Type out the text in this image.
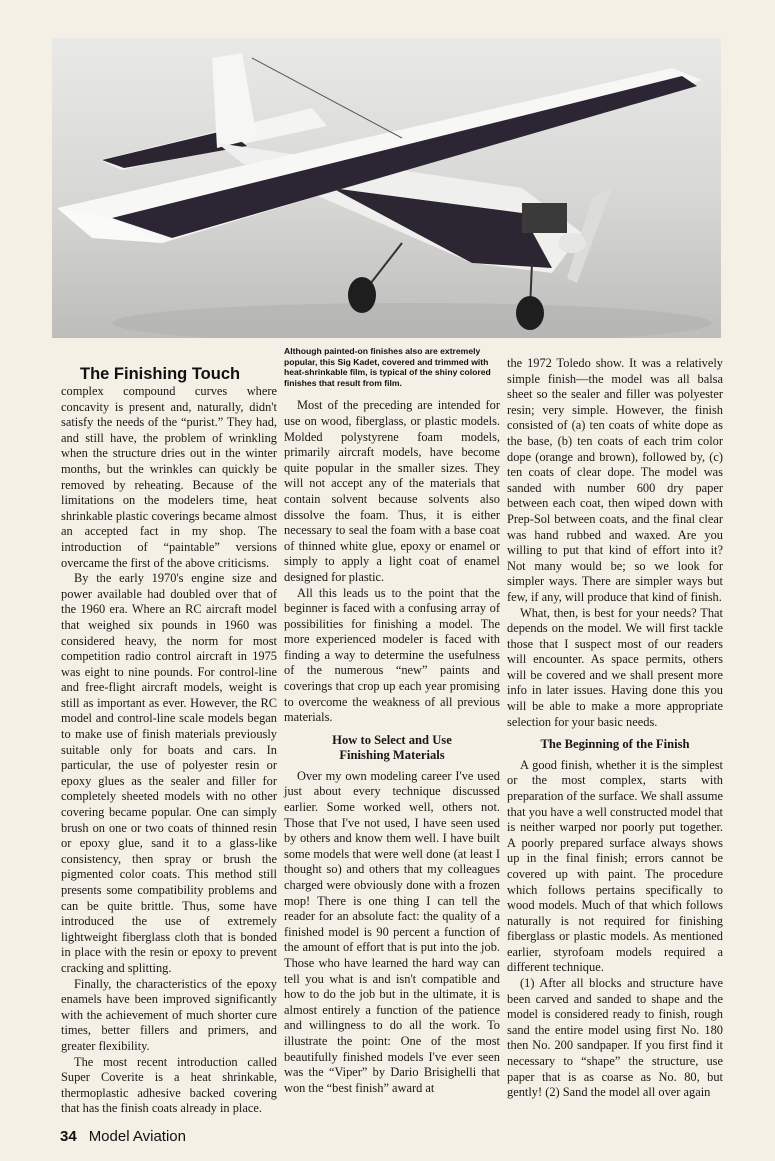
The Finishing Touch

complex compound curves where concavity is present and, naturally, didn't satisfy the needs of the “purist.” They had, and still have, the problem of wrinkling when the structure dries out in the winter months, but the wrinkles can quickly be removed by reheating. Because of the limitations on the modelers time, heat shrinkable plastic coverings became almost an accepted fact in my shop. The introduction of “paintable” versions overcame the first of the above criticisms.

By the early 1970's engine size and power available had doubled over that of the 1960 era. Where an RC aircraft model that weighed six pounds in 1960 was considered heavy, the norm for most competition radio control aircraft in 1975 was eight to nine pounds. For control-line and free-flight aircraft models, weight is still as important as ever. However, the RC model and control-line scale models began to make use of finish materials previously suitable only for boats and cars. In particular, the use of polyester resin or epoxy glues as the sealer and filler for completely sheeted models with no other covering became popular. One can simply brush on one or two coats of thinned resin or epoxy glue, sand it to a glass-like consistency, then spray or brush the pigmented color coats. This method still presents some compatibility problems and can be quite brittle. Thus, some have introduced the use of extremely lightweight fiberglass cloth that is bonded in place with the resin or epoxy to prevent cracking and splitting.

Finally, the characteristics of the epoxy enamels have been improved significantly with the achievement of much shorter cure times, better fillers and primers, and greater flexibility.

The most recent introduction called Super Coverite is a heat shrinkable, thermoplastic adhesive backed covering that has the finish coats already in place.

Although painted-on finishes also are extremely popular, this Sig Kadet, covered and trimmed with heat-shrinkable film, is typical of the shiny colored finishes that result from film.

Most of the preceding are intended for use on wood, fiberglass, or plastic models. Molded polystyrene foam models, primarily aircraft models, have become quite popular in the smaller sizes. They will not accept any of the materials that contain solvent because solvents also dissolve the foam. Thus, it is either necessary to seal the foam with a base coat of thinned white glue, epoxy or enamel or simply to apply a light coat of enamel designed for plastic.

All this leads us to the point that the beginner is faced with a confusing array of possibilities for finishing a model. The more experienced modeler is faced with finding a way to determine the usefulness of the numerous “new” paints and coverings that crop up each year promising to overcome the weakness of all previous materials.

How to Select and Use
Finishing Materials

Over my own modeling career I've used just about every technique discussed earlier. Some worked well, others not. Those that I've not used, I have seen used by others and know them well. I have built some models that were well done (at least I thought so) and others that my colleagues charged were obviously done with a frozen mop! There is one thing I can tell the reader for an absolute fact: the quality of a finished model is 90 percent a function of the amount of effort that is put into the job. Those who have learned the hard way can tell you what is and isn't compatible and how to do the job but in the ultimate, it is almost entirely a function of the patience and willingness to do all the work. To illustrate the point: One of the most beautifully finished models I've ever seen was the “Viper” by Dario Brisighelli that won the “best finish” award at

the 1972 Toledo show. It was a relatively simple finish—the model was all balsa sheet so the sealer and filler was polyester resin; very simple. However, the finish consisted of (a) ten coats of white dope as the base, (b) ten coats of each trim color dope (orange and brown), followed by, (c) ten coats of clear dope. The model was sanded with number 600 dry paper between each coat, then wiped down with Prep-Sol between coats, and the final clear was hand rubbed and waxed. Are you willing to put that kind of effort into it? Not many would be; so we look for simpler ways. There are simpler ways but few, if any, will produce that kind of finish.

What, then, is best for your needs? That depends on the model. We will first tackle those that I suspect most of our readers will encounter. As space permits, others will be covered and we shall present more info in later issues. Having done this you will be able to make a more appropriate selection for your basic needs.

The Beginning of the Finish

A good finish, whether it is the simplest or the most complex, starts with preparation of the surface. We shall assume that you have a well constructed model that is neither warped nor poorly put together. A poorly prepared surface always shows up in the final finish; errors cannot be covered up with paint. The procedure which follows pertains specifically to wood models. Much of that which follows naturally is not required for finishing fiberglass or plastic models. As mentioned earlier, styrofoam models required a different technique.

(1) After all blocks and structure have been carved and sanded to shape and the model is considered ready to finish, rough sand the entire model using first No. 180 then No. 200 sandpaper. If you first find it necessary to “shape” the structure, use paper that is as coarse as No. 80, but gently! (2) Sand the model all over again

34 Model Aviation
